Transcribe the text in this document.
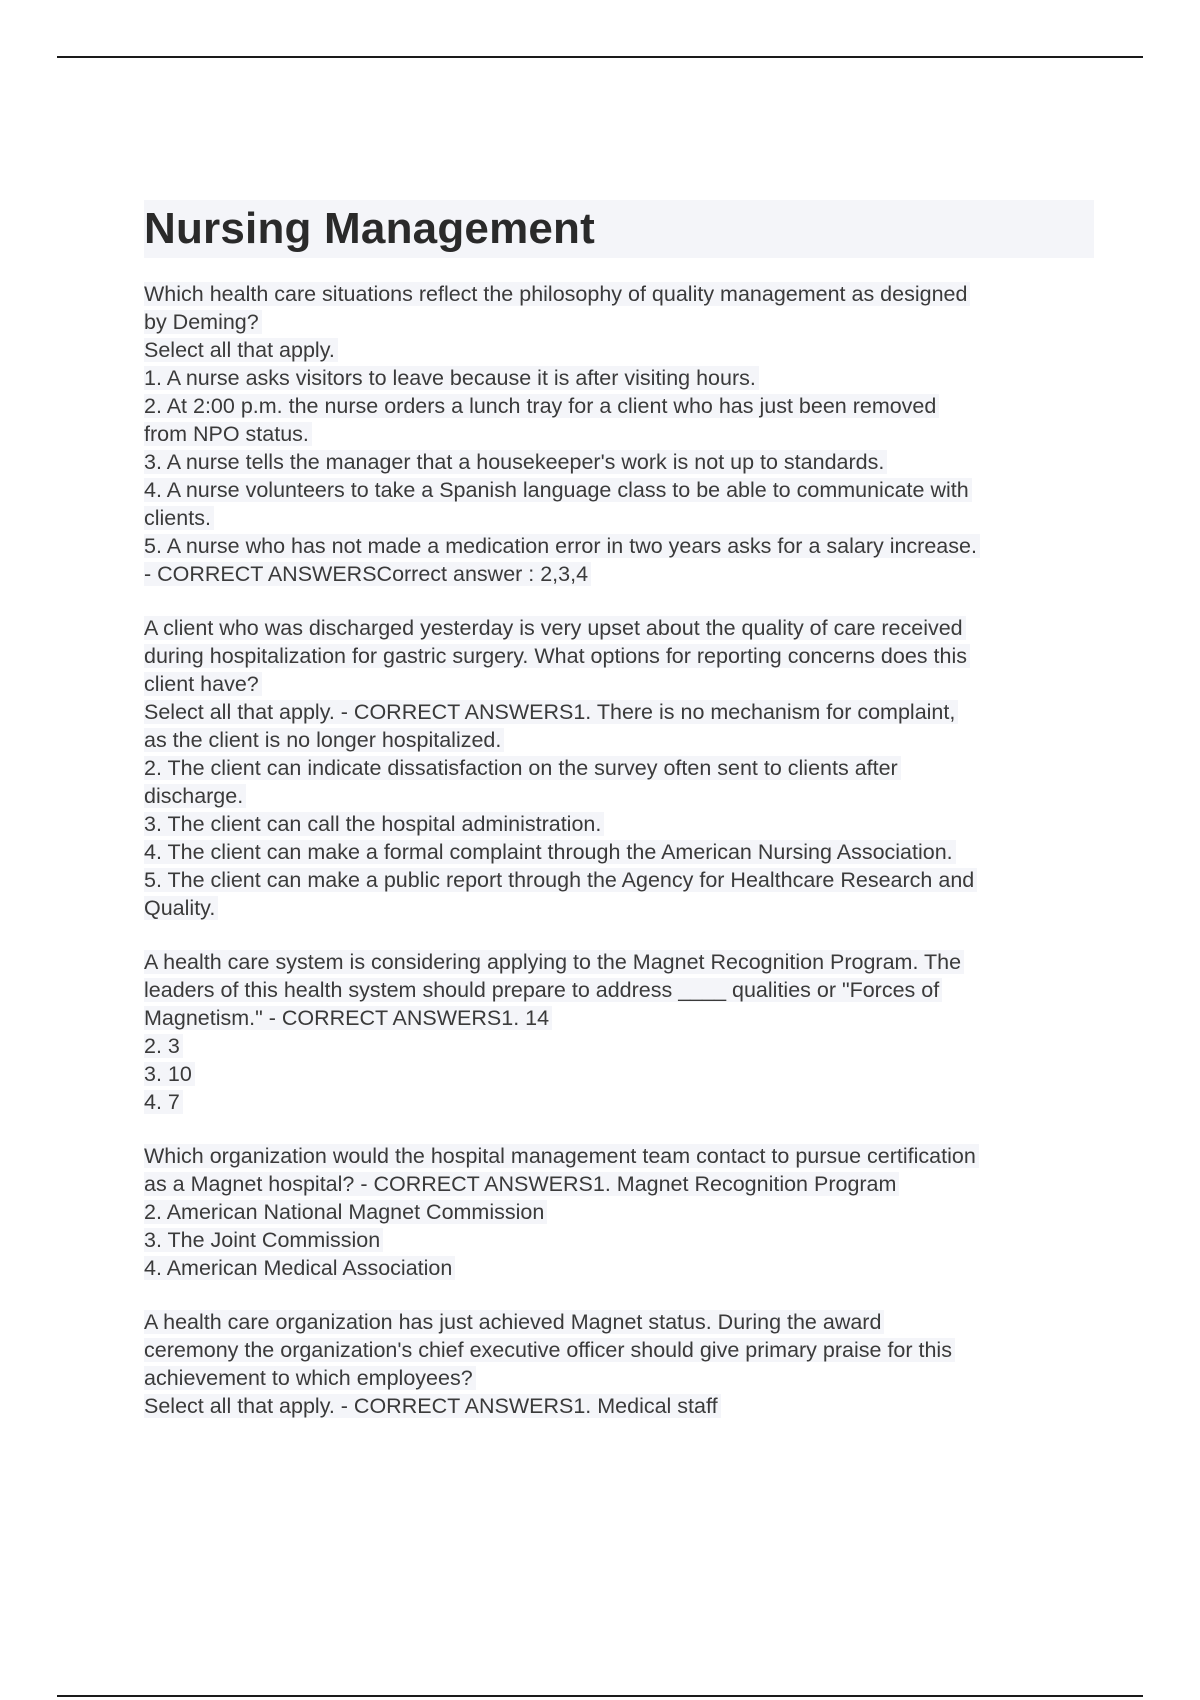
Nursing Management
Which health care situations reflect the philosophy of quality management as designed
by Deming?
Select all that apply.
1. A nurse asks visitors to leave because it is after visiting hours.
2. At 2:00 p.m. the nurse orders a lunch tray for a client who has just been removed
from NPO status.
3. A nurse tells the manager that a housekeeper's work is not up to standards.
4. A nurse volunteers to take a Spanish language class to be able to communicate with
clients.
5. A nurse who has not made a medication error in two years asks for a salary increase.
- CORRECT ANSWERSCorrect answer : 2,3,4
A client who was discharged yesterday is very upset about the quality of care received
during hospitalization for gastric surgery. What options for reporting concerns does this
client have?
Select all that apply. - CORRECT ANSWERS1. There is no mechanism for complaint,
as the client is no longer hospitalized.
2. The client can indicate dissatisfaction on the survey often sent to clients after
discharge.
3. The client can call the hospital administration.
4. The client can make a formal complaint through the American Nursing Association.
5. The client can make a public report through the Agency for Healthcare Research and
Quality.
A health care system is considering applying to the Magnet Recognition Program. The
leaders of this health system should prepare to address ____ qualities or "Forces of
Magnetism." - CORRECT ANSWERS1. 14
2. 3
3. 10
4. 7
Which organization would the hospital management team contact to pursue certification
as a Magnet hospital? - CORRECT ANSWERS1. Magnet Recognition Program
2. American National Magnet Commission
3. The Joint Commission
4. American Medical Association
A health care organization has just achieved Magnet status. During the award
ceremony the organization's chief executive officer should give primary praise for this
achievement to which employees?
Select all that apply. - CORRECT ANSWERS1. Medical staff
